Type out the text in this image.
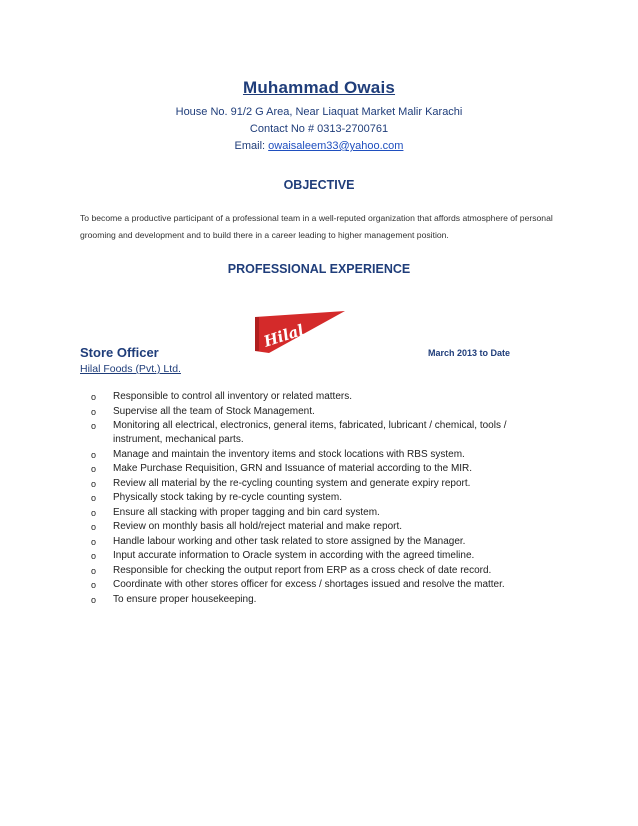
Muhammad Owais

House No. 91/2 G Area, Near Liaquat Market Malir Karachi

Contact No # 0313-2700761

Email: owaisaleem33@yahoo.com

OBJECTIVE
To become a productive participant of a professional team in a well-reputed organization that affords atmosphere of personal grooming and development and to build there in a career leading to higher management position.
PROFESSIONAL EXPERIENCE
Hilal
Store Officer	March 2013 to Date
Hilal Foods (Pvt.) Ltd.
o Responsible to control all inventory or related matters.
o Supervise all the team of Stock Management.
o Monitoring all electrical, electronics, general items, fabricated, lubricant / chemical, tools / instrument, mechanical parts.
o Manage and maintain the inventory items and stock locations with RBS system.
o Make Purchase Requisition, GRN and Issuance of material according to the MIR.
o Review all material by the re-cycling counting system and generate expiry report.
o Physically stock taking by re-cycle counting system.
o Ensure all stacking with proper tagging and bin card system.
o Review on monthly basis all hold/reject material and make report.
o Handle labour working and other task related to store assigned by the Manager.
o Input accurate information to Oracle system in according with the agreed timeline.
o Responsible for checking the output report from ERP as a cross check of date record.
o Coordinate with other stores officer for excess / shortages issued and resolve the matter.
o To ensure proper housekeeping.
